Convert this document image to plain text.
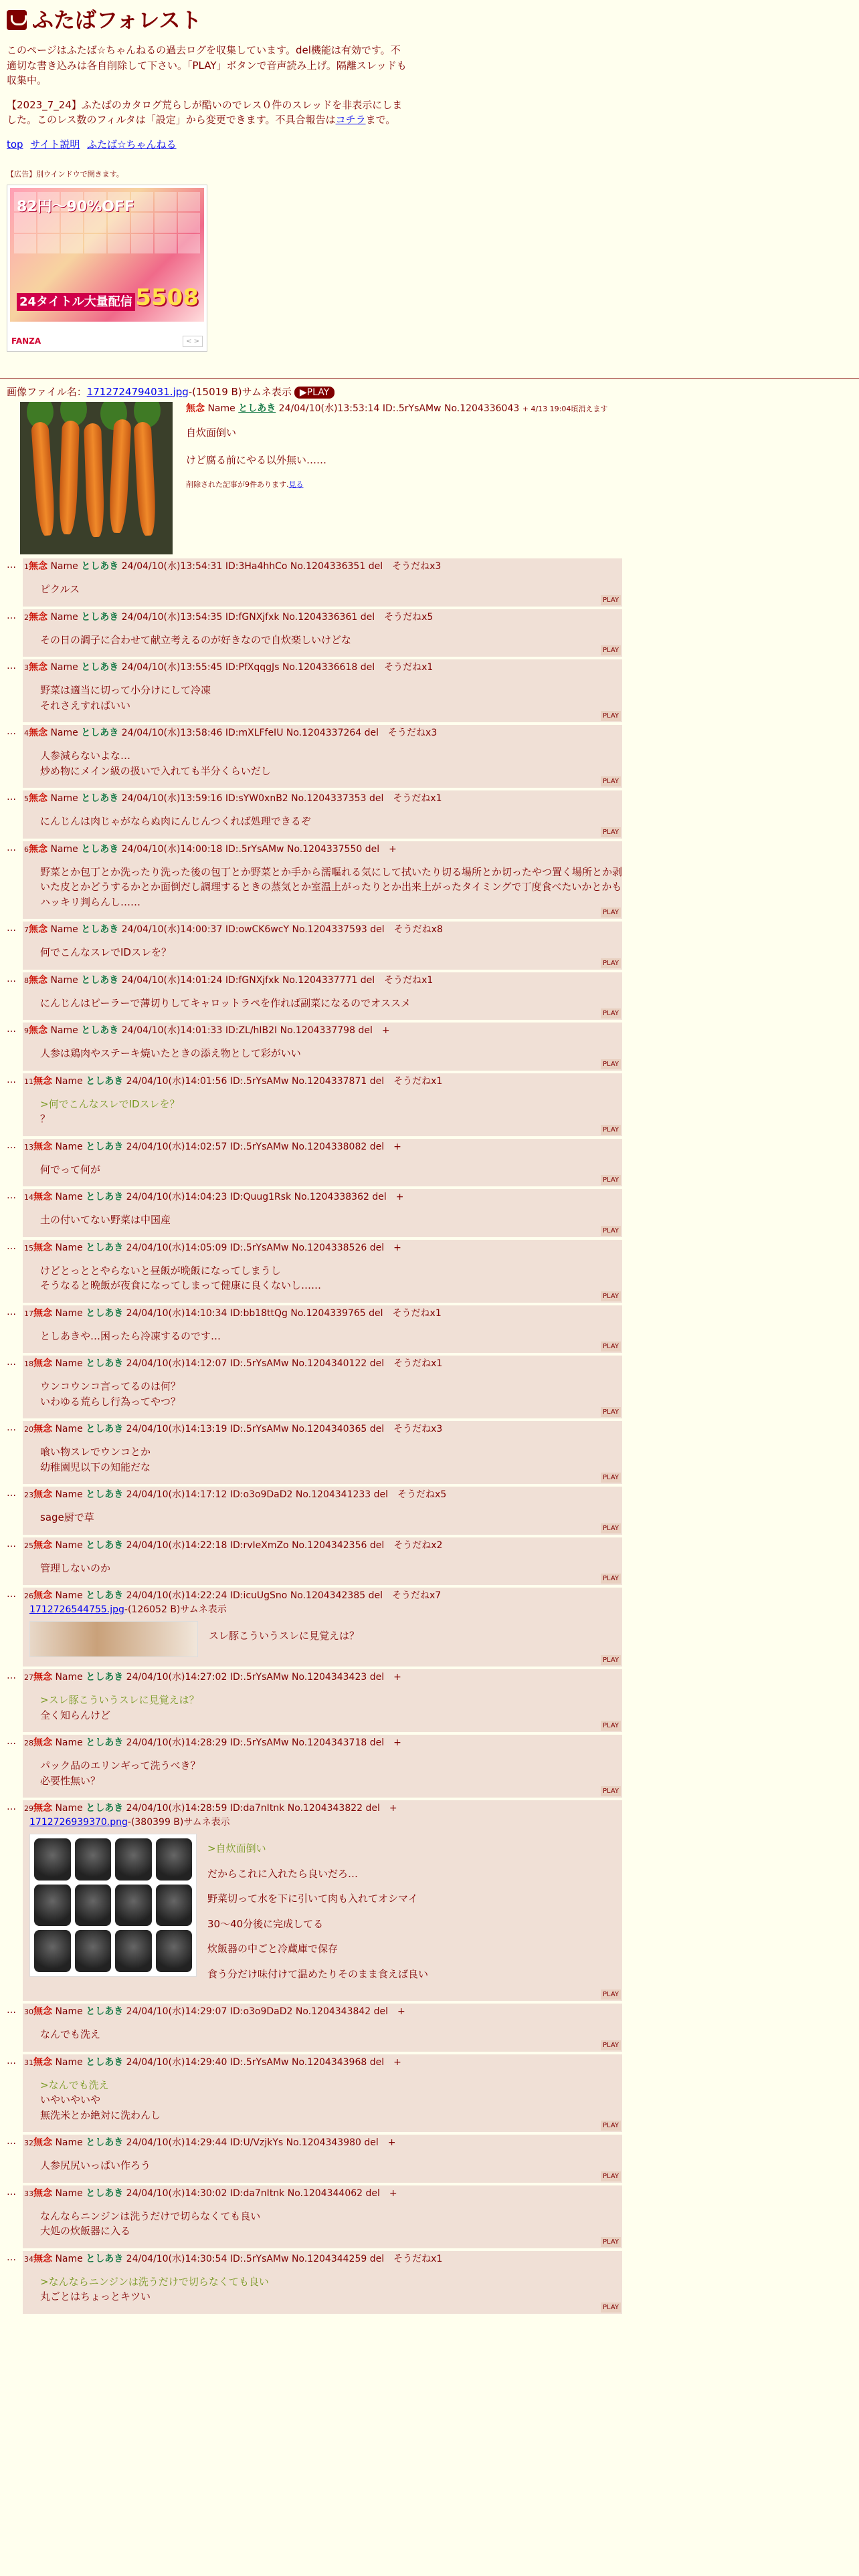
ふたばフォレスト

このページはふたば☆ちゃんねるの過去ログを収集しています。del機能は有効です。不適切な書き込みは各自削除して下さい。「PLAY」ボタンで音声読み上げ。隔離スレッドも収集中。

【2023_7_24】ふたばのカタログ荒らしが酷いのでレス０件のスレッドを非表示にしました。このレス数のフィルタは「設定」から変更できます。不具合報告はコチラまで。

top サイト説明 ふたば☆ちゃんねる
【広告】別ウインドウで開きます。
82円〜90%OFF
24タイトル大量配信 5508
FANZA	< >
画像ファイル名：1712724794031.jpg-(15019 B)サムネ表示 ▶PLAY
無念 Name としあき 24/04/10(水)13:53:14 ID:.5rYsAMw No.1204336043 + 4/13 19:04頃消えます

自炊面倒い

けど腐る前にやる以外無い……

削除された記事が9件あります.見る
…	1無念 Name としあき 24/04/10(水)13:54:31 ID:3Ha4hhCo No.1204336351 del　そうだねx3

ピクルス

PLAY
…	2無念 Name としあき 24/04/10(水)13:54:35 ID:fGNXjfxk No.1204336361 del　そうだねx5

その日の調子に合わせて献立考えるのが好きなので自炊楽しいけどな

PLAY
…	3無念 Name としあき 24/04/10(水)13:55:45 ID:PfXqqgJs No.1204336618 del　そうだねx1

野菜は適当に切って小分けにして冷凍

それさえすればいい

PLAY
…	4無念 Name としあき 24/04/10(水)13:58:46 ID:mXLFfeIU No.1204337264 del　そうだねx3

人参減らないよな…

炒め物にメイン級の扱いで入れても半分くらいだし

PLAY
…	5無念 Name としあき 24/04/10(水)13:59:16 ID:sYW0xnB2 No.1204337353 del　そうだねx1

にんじんは肉じゃがならぬ肉にんじんつくれば処理できるぞ

PLAY
…	6無念 Name としあき 24/04/10(水)14:00:18 ID:.5rYsAMw No.1204337550 del　+

野菜とか包丁とか洗ったり洗った後の包丁とか野菜とか手から濡嘔れる気にして拭いたり切る場所とか切ったやつ置く場所とか剥いた皮とかどうするかとか面倒だし調理するときの蒸気とか室温上がったりとか出来上がったタイミングで丁度食べたいかとかもハッキリ判らんし……

PLAY
…	7無念 Name としあき 24/04/10(水)14:00:37 ID:owCK6wcY No.1204337593 del　そうだねx8

何でこんなスレでIDスレを？

PLAY
…	8無念 Name としあき 24/04/10(水)14:01:24 ID:fGNXjfxk No.1204337771 del　そうだねx1

にんじんはピーラーで薄切りしてキャロットラペを作れば副菜になるのでオススメ

PLAY
…	9無念 Name としあき 24/04/10(水)14:01:33 ID:ZL/hIB2I No.1204337798 del　+

人参は鶏肉やステーキ焼いたときの添え物として彩がいい

PLAY
…	11無念 Name としあき 24/04/10(水)14:01:56 ID:.5rYsAMw No.1204337871 del　そうだねx1

>何でこんなスレでIDスレを？

？

PLAY
…	13無念 Name としあき 24/04/10(水)14:02:57 ID:.5rYsAMw No.1204338082 del　+

何でって何が

PLAY
…	14無念 Name としあき 24/04/10(水)14:04:23 ID:Quug1Rsk No.1204338362 del　+

土の付いてない野菜は中国産

PLAY
…	15無念 Name としあき 24/04/10(水)14:05:09 ID:.5rYsAMw No.1204338526 del　+

けどとっととやらないと昼飯が晩飯になってしまうし

そうなると晩飯が夜食になってしまって健康に良くないし……

PLAY
…	17無念 Name としあき 24/04/10(水)14:10:34 ID:bb18ttQg No.1204339765 del　そうだねx1

としあきや…困ったら冷凍するのです…

PLAY
…	18無念 Name としあき 24/04/10(水)14:12:07 ID:.5rYsAMw No.1204340122 del　そうだねx1

ウンコウンコ言ってるのは何？

いわゆる荒らし行為ってやつ？

PLAY
…	20無念 Name としあき 24/04/10(水)14:13:19 ID:.5rYsAMw No.1204340365 del　そうだねx3

喰い物スレでウンコとか

幼稚園児以下の知能だな

PLAY
…	23無念 Name としあき 24/04/10(水)14:17:12 ID:o3o9DaD2 No.1204341233 del　そうだねx5

sage厨で草

PLAY
…	25無念 Name としあき 24/04/10(水)14:22:18 ID:rvIeXmZo No.1204342356 del　そうだねx2

管理しないのか

PLAY
…	26無念 Name としあき 24/04/10(水)14:22:24 ID:icuUgSno No.1204342385 del　そうだねx7
1712726544755.jpg-(126052 B)サムネ表示

スレ豚こういうスレに見覚えは？

PLAY
…	27無念 Name としあき 24/04/10(水)14:27:02 ID:.5rYsAMw No.1204343423 del　+

>スレ豚こういうスレに見覚えは？

全く知らんけど

PLAY
…	28無念 Name としあき 24/04/10(水)14:28:29 ID:.5rYsAMw No.1204343718 del　+

パック品のエリンギって洗うべき？

必要性無い？

PLAY
…	29無念 Name としあき 24/04/10(水)14:28:59 ID:da7nItnk No.1204343822 del　+
1712726939370.png-(380399 B)サムネ表示

>自炊面倒い

だからこれに入れたら良いだろ…

野菜切って水を下に引いて肉も入れてオシマイ

30〜40分後に完成してる

炊飯器の中ごと冷蔵庫で保存

食う分だけ味付けて温めたりそのまま食えば良い

PLAY
…	30無念 Name としあき 24/04/10(水)14:29:07 ID:o3o9DaD2 No.1204343842 del　+

なんでも洗え

PLAY
…	31無念 Name としあき 24/04/10(水)14:29:40 ID:.5rYsAMw No.1204343968 del　+

>なんでも洗え

いやいやいや

無洗米とか絶対に洗わんし

PLAY
…	32無念 Name としあき 24/04/10(水)14:29:44 ID:U/VzjkYs No.1204343980 del　+

人参尻尻いっぱい作ろう

PLAY
…	33無念 Name としあき 24/04/10(水)14:30:02 ID:da7nItnk No.1204344062 del　+

なんならニンジンは洗うだけで切らなくても良い

大処の炊飯器に入る

PLAY
…	34無念 Name としあき 24/04/10(水)14:30:54 ID:.5rYsAMw No.1204344259 del　そうだねx1

>なんならニンジンは洗うだけで切らなくても良い

丸ごとはちょっとキツい

PLAY
